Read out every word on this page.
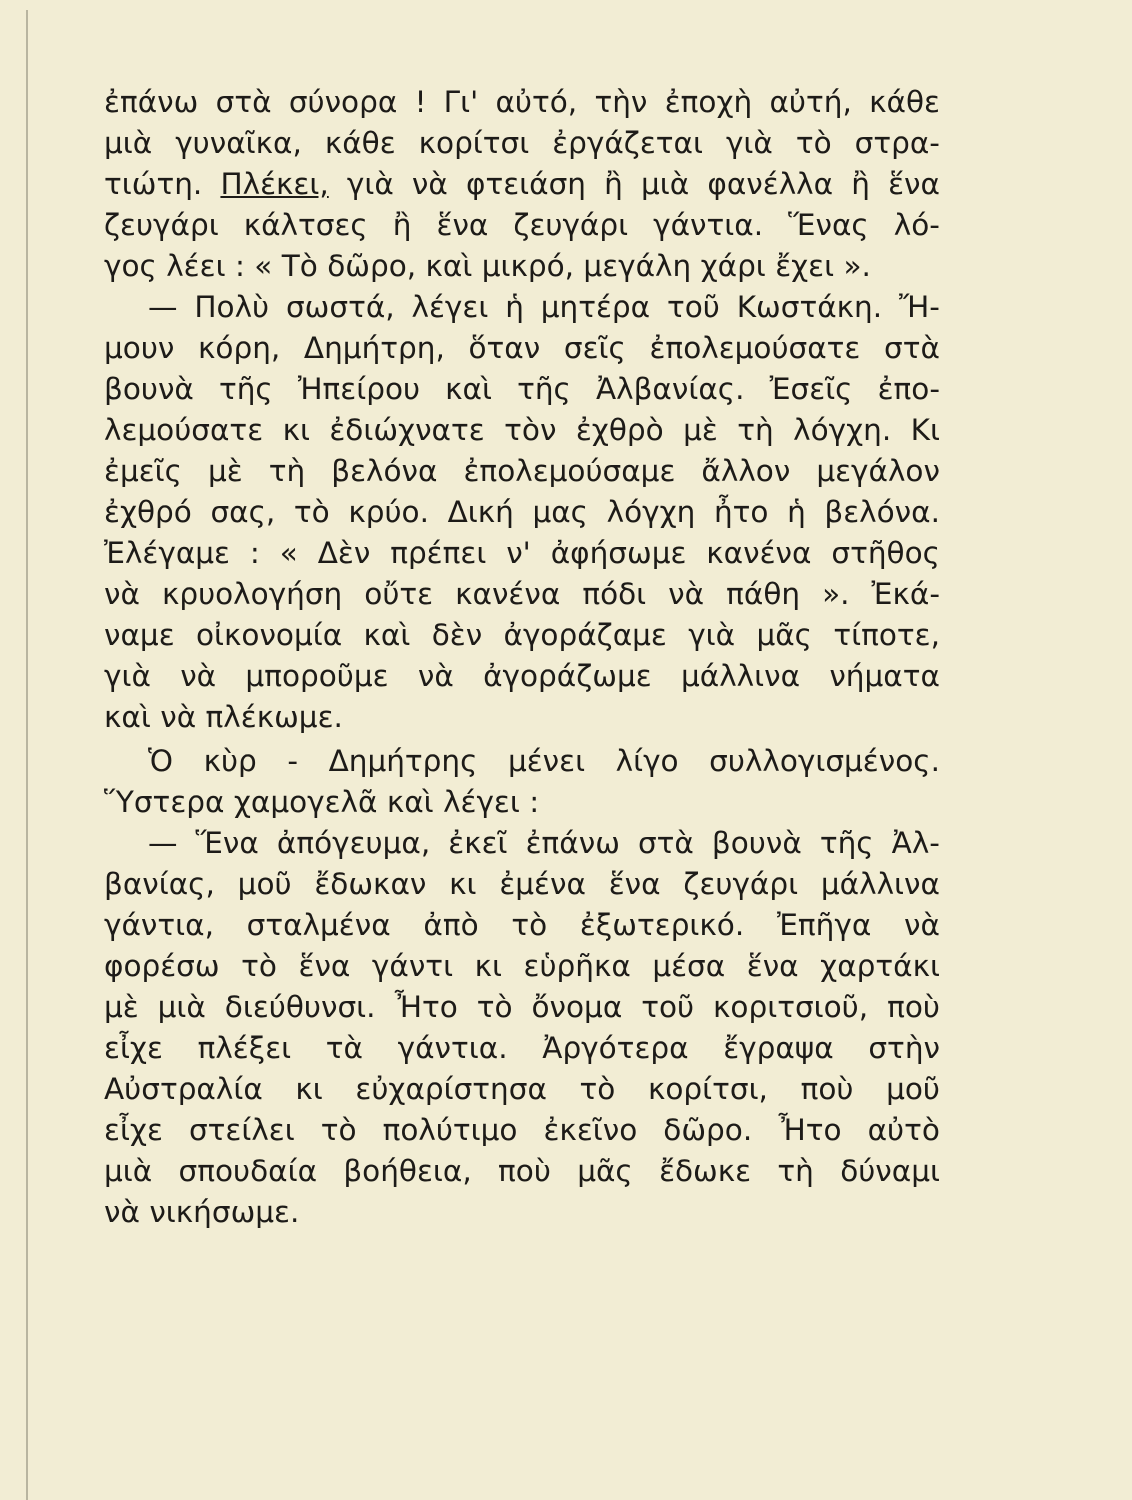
ἐπάνω στὰ σύνορα ! Γι' αὐτό, τὴν ἐποχὴ αὐτή, κάθε
μιὰ γυναῖκα, κάθε κορίτσι ἐργάζεται γιὰ τὸ στρα-
τιώτη. Πλέκει, γιὰ νὰ φτειάση ἢ μιὰ φανέλλα ἢ ἕνα
ζευγάρι κάλτσες ἢ ἕνα ζευγάρι γάντια. Ἕνας λό-
γος
λέει
:
«
Τὸ
δῶρο,
καὶ
μικρό,
μεγάλη
χάρι
ἔχει
».
— Πολὺ σωστά, λέγει ἡ μητέρα τοῦ Κωστάκη. Ἤ-
μουν κόρη, Δημήτρη, ὅταν σεῖς ἐπολεμούσατε στὰ
βουνὰ τῆς Ἠπείρου καὶ τῆς Ἀλβανίας. Ἐσεῖς ἐπο-
λεμούσατε κι ἐδιώχνατε τὸν ἐχθρὸ μὲ τὴ λόγχη. Κι
ἐμεῖς μὲ τὴ βελόνα ἐπολεμούσαμε ἄλλον μεγάλον
ἐχθρό σας, τὸ κρύο. Δική μας λόγχη ἦτο ἡ βελόνα.
Ἐλέγαμε : « Δὲν πρέπει ν' ἀφήσωμε κανένα στῆθος
νὰ κρυολογήση οὔτε κανένα πόδι νὰ πάθη ». Ἐκά-
ναμε οἰκονομία καὶ δὲν ἀγοράζαμε γιὰ μᾶς τίποτε,
γιὰ νὰ μποροῦμε νὰ ἀγοράζωμε μάλλινα νήματα
καὶ
νὰ
πλέκωμε.
Ὁ κὺρ - Δημήτρης μένει λίγο συλλογισμένος.
Ὕστερα
χαμογελᾶ
καὶ
λέγει
:
— Ἕνα ἀπόγευμα, ἐκεῖ ἐπάνω στὰ βουνὰ τῆς Ἀλ-
βανίας, μοῦ ἔδωκαν κι ἐμένα ἕνα ζευγάρι μάλλινα
γάντια, σταλμένα ἀπὸ τὸ ἐξωτερικό. Ἐπῆγα νὰ
φορέσω τὸ ἕνα γάντι κι εὑρῆκα μέσα ἕνα χαρτάκι
μὲ μιὰ διεύθυνσι. Ἦτο τὸ ὄνομα τοῦ κοριτσιοῦ, ποὺ
εἶχε πλέξει τὰ γάντια. Ἀργότερα ἔγραψα στὴν
Αὐστραλία κι εὐχαρίστησα τὸ κορίτσι, ποὺ μοῦ
εἶχε στείλει τὸ πολύτιμο ἐκεῖνο δῶρο. Ἦτο αὐτὸ
μιὰ σπουδαία βοήθεια, ποὺ μᾶς ἔδωκε τὴ δύναμι
νὰ
νικήσωμε.
